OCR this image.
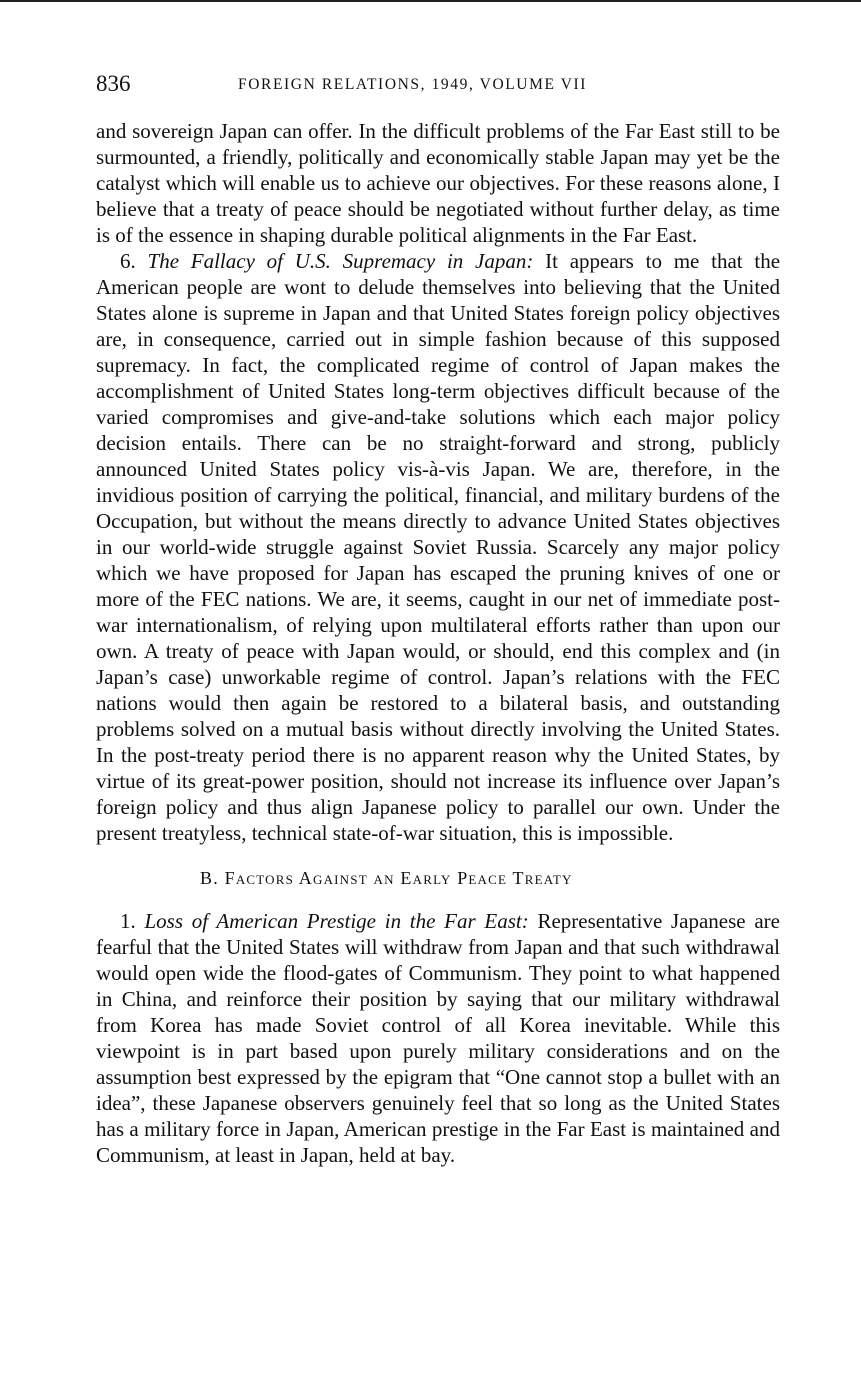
836	FOREIGN RELATIONS, 1949, VOLUME VII

and sovereign Japan can offer. In the difficult problems of the Far East still to be surmounted, a friendly, politically and economically stable Japan may yet be the catalyst which will enable us to achieve our objectives. For these reasons alone, I believe that a treaty of peace should be negotiated without further delay, as time is of the essence in shaping durable political alignments in the Far East.

6. The Fallacy of U.S. Supremacy in Japan: It appears to me that the American people are wont to delude themselves into believing that the United States alone is supreme in Japan and that United States foreign policy objectives are, in consequence, carried out in simple fashion because of this supposed supremacy. In fact, the complicated regime of control of Japan makes the accomplishment of United States long-term objectives difficult because of the varied compromises and give-and-take solutions which each major policy decision entails. There can be no straight-forward and strong, publicly announced United States policy vis-à-vis Japan. We are, therefore, in the invidious position of carrying the political, financial, and military burdens of the Occupation, but without the means directly to advance United States objectives in our world-wide struggle against Soviet Russia. Scarcely any major policy which we have proposed for Japan has escaped the pruning knives of one or more of the FEC nations. We are, it seems, caught in our net of immediate post-war internationalism, of relying upon multilateral efforts rather than upon our own. A treaty of peace with Japan would, or should, end this complex and (in Japan’s case) unworkable regime of control. Japan’s relations with the FEC nations would then again be restored to a bilateral basis, and outstanding problems solved on a mutual basis without directly involving the United States. In the post-treaty period there is no apparent reason why the United States, by virtue of its great-power position, should not increase its influence over Japan’s foreign policy and thus align Japanese policy to parallel our own. Under the present treatyless, technical state-of-war situation, this is impossible.

B. Factors Against an Early Peace Treaty

1. Loss of American Prestige in the Far East: Representative Japanese are fearful that the United States will withdraw from Japan and that such withdrawal would open wide the flood-gates of Communism. They point to what happened in China, and reinforce their position by saying that our military withdrawal from Korea has made Soviet control of all Korea inevitable. While this viewpoint is in part based upon purely military considerations and on the assumption best expressed by the epigram that “One cannot stop a bullet with an idea”, these Japanese observers genuinely feel that so long as the United States has a military force in Japan, American prestige in the Far East is maintained and Communism, at least in Japan, held at bay.
